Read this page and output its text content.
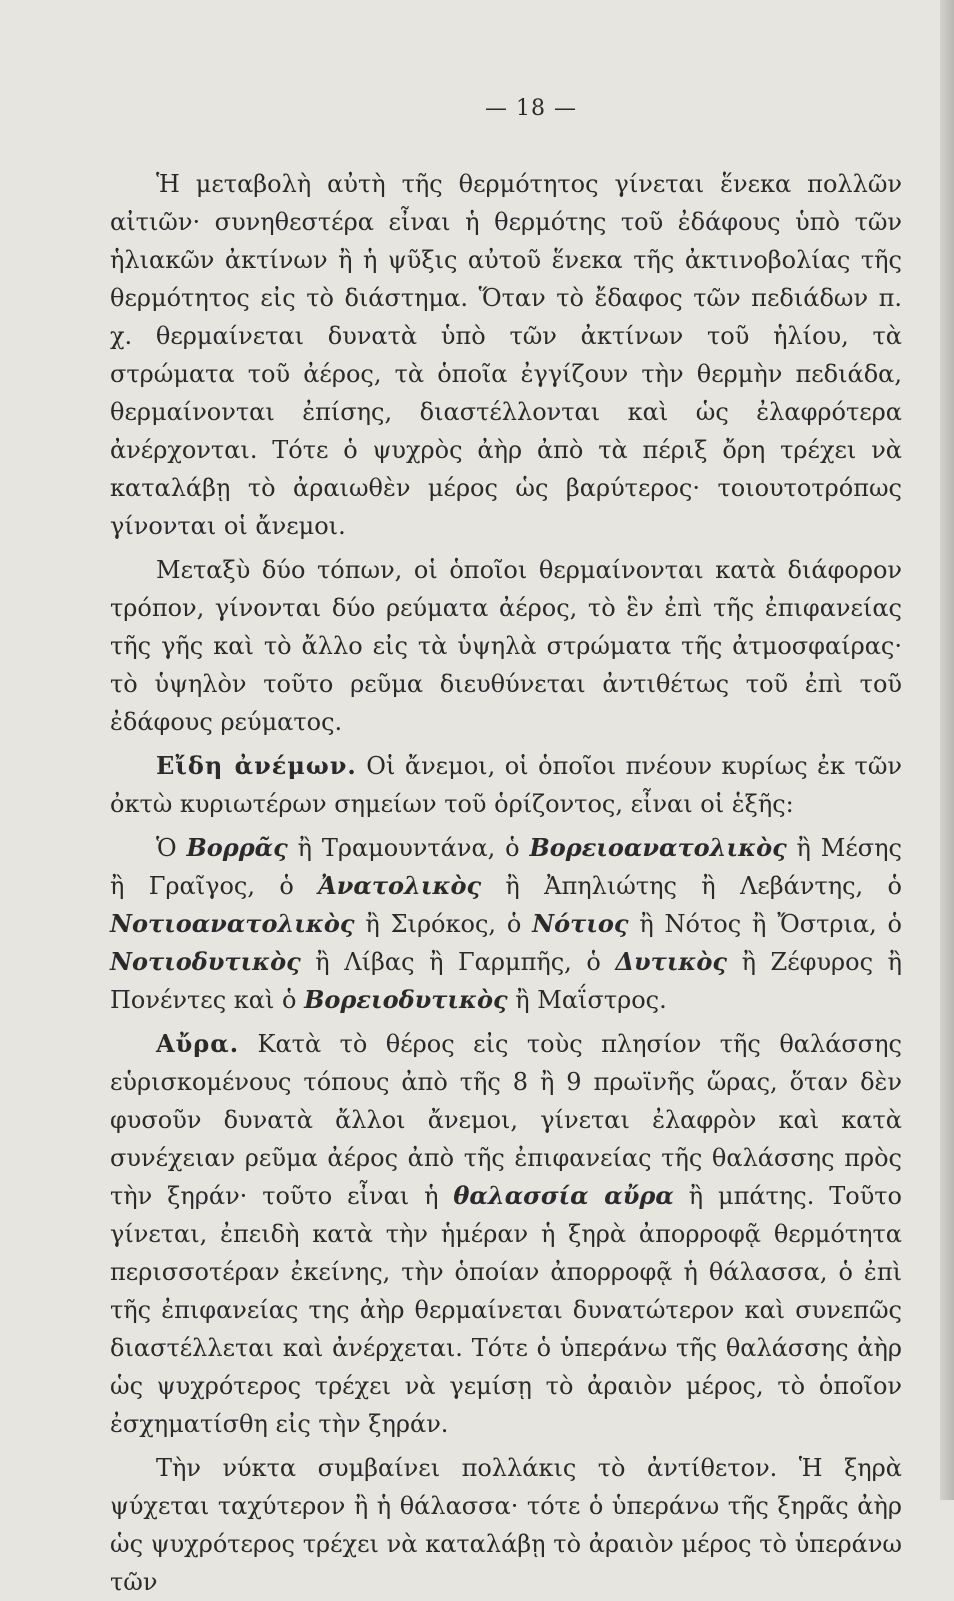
— 18 —

Ἡ μεταβολὴ αὐτὴ τῆς θερμότητος γίνεται ἕνεκα πολλῶν αἰτιῶν· συνηθεστέρα εἶναι ἡ θερμότης τοῦ ἐδάφους ὑπὸ τῶν ἡλιακῶν ἀκτίνων ἢ ἡ ψῦξις αὐτοῦ ἕνεκα τῆς ἀκτινοβολίας τῆς θερμότητος εἰς τὸ διάστημα. Ὅταν τὸ ἔδαφος τῶν πεδιάδων π. χ. θερμαίνεται δυνατὰ ὑπὸ τῶν ἀκτίνων τοῦ ἡλίου, τὰ στρώματα τοῦ ἀέρος, τὰ ὁποῖα ἐγγίζουν τὴν θερμὴν πεδιάδα, θερμαίνονται ἐπίσης, διαστέλλονται καὶ ὡς ἐλαφρότερα ἀνέρχονται. Τότε ὁ ψυχρὸς ἀὴρ ἀπὸ τὰ πέριξ ὄρη τρέχει νὰ καταλάβῃ τὸ ἀραιωθὲν μέρος ὡς βαρύτερος· τοιουτοτρόπως γίνονται οἱ ἄνεμοι.

Μεταξὺ δύο τόπων, οἱ ὁποῖοι θερμαίνονται κατὰ διάφορον τρόπον, γίνονται δύο ρεύματα ἀέρος, τὸ ἓν ἐπὶ τῆς ἐπιφανείας τῆς γῆς καὶ τὸ ἄλλο εἰς τὰ ὑψηλὰ στρώματα τῆς ἀτμοσφαίρας· τὸ ὑψηλὸν τοῦτο ρεῦμα διευθύνεται ἀντιθέτως τοῦ ἐπὶ τοῦ ἐδάφους ρεύματος.

Εἴδη ἀνέμων. Οἱ ἄνεμοι, οἱ ὁποῖοι πνέουν κυρίως ἐκ τῶν ὀκτὼ κυριωτέρων σημείων τοῦ ὁρίζοντος, εἶναι οἱ ἑξῆς:

Ὁ Βορρᾶς ἢ Τραμουντάνα, ὁ Βορειοανατολικὸς ἢ Μέσης ἢ Γραῖγος, ὁ Ἀνατολικὸς ἢ Ἀπηλιώτης ἢ Λεβάντης, ὁ Νοτιοανατολικὸς ἢ Σιρόκος, ὁ Νότιος ἢ Νότος ἢ Ὄστρια, ὁ Νοτιοδυτικὸς ἢ Λίβας ἢ Γαρμπῆς, ὁ Δυτικὸς ἢ Ζέφυρος ἢ Πονέντες καὶ ὁ Βορειοδυτικὸς ἢ Μαΐστρος.

Αὔρα. Κατὰ τὸ θέρος εἰς τοὺς πλησίον τῆς θαλάσσης εὑρισκομένους τόπους ἀπὸ τῆς 8 ἢ 9 πρωϊνῆς ὥρας, ὅταν δὲν φυσοῦν δυνατὰ ἄλλοι ἄνεμοι, γίνεται ἐλαφρὸν καὶ κατὰ συνέχειαν ρεῦμα ἀέρος ἀπὸ τῆς ἐπιφανείας τῆς θαλάσσης πρὸς τὴν ξηράν· τοῦτο εἶναι ἡ θαλασσία αὔρα ἢ μπάτης. Τοῦτο γίνεται, ἐπειδὴ κατὰ τὴν ἡμέραν ἡ ξηρὰ ἀπορροφᾷ θερμότητα περισσοτέραν ἐκείνης, τὴν ὁποίαν ἀπορροφᾷ ἡ θάλασσα, ὁ ἐπὶ τῆς ἐπιφανείας της ἀὴρ θερμαίνεται δυνατώτερον καὶ συνεπῶς διαστέλλεται καὶ ἀνέρχεται. Τότε ὁ ὑπεράνω τῆς θαλάσσης ἀὴρ ὡς ψυχρότερος τρέχει νὰ γεμίσῃ τὸ ἀραιὸν μέρος, τὸ ὁποῖον ἐσχηματίσθη εἰς τὴν ξηράν.

Τὴν νύκτα συμβαίνει πολλάκις τὸ ἀντίθετον. Ἡ ξηρὰ ψύχεται ταχύτερον ἢ ἡ θάλασσα· τότε ὁ ὑπεράνω τῆς ξηρᾶς ἀὴρ ὡς ψυχρότερος τρέχει νὰ καταλάβῃ τὸ ἀραιὸν μέρος τὸ ὑπεράνω τῶν
